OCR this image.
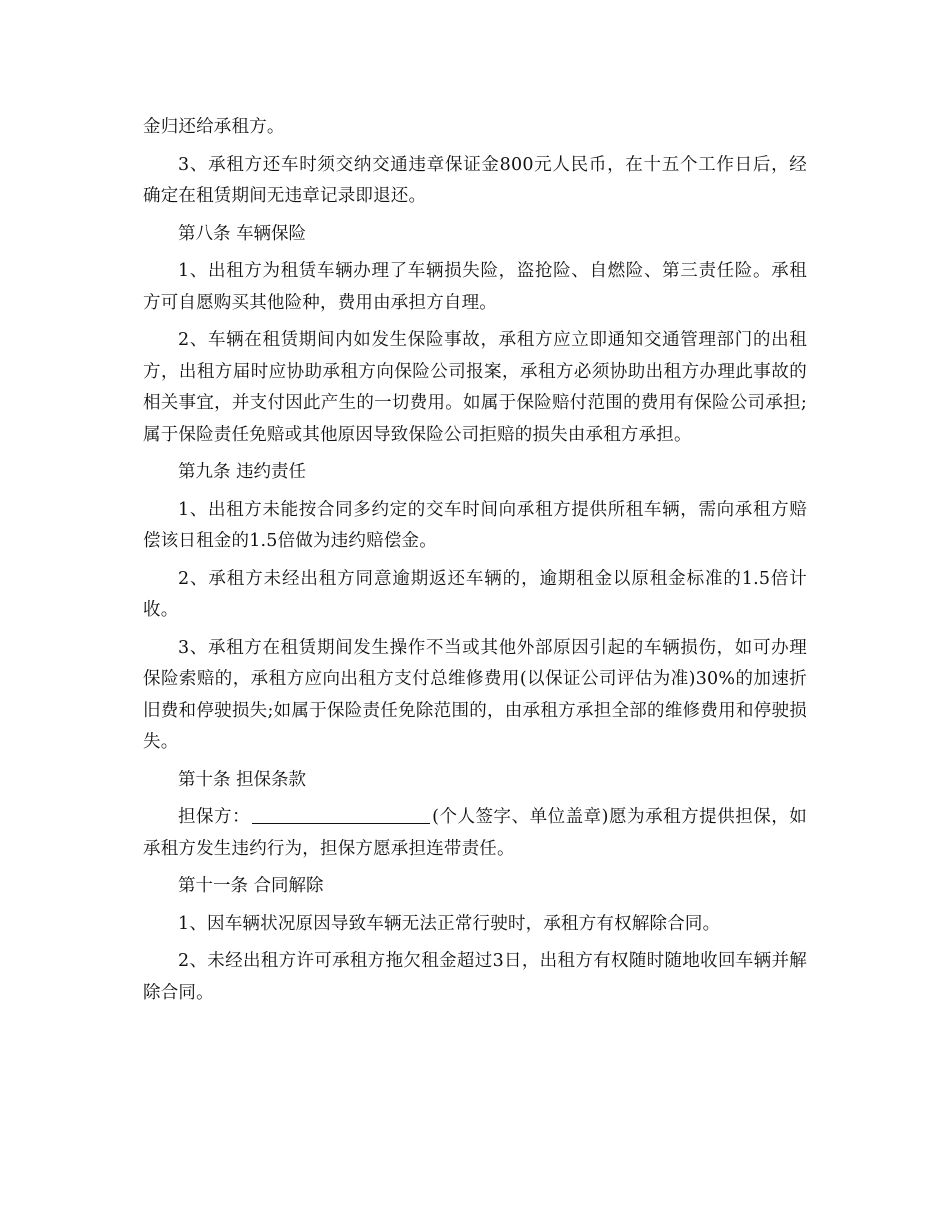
金归还给承租方。

3、承租方还车时须交纳交通违章保证金800元人民币，在十五个工作日后，经确定在租赁期间无违章记录即退还。

第八条 车辆保险

1、出租方为租赁车辆办理了车辆损失险，盗抢险、自燃险、第三责任险。承租方可自愿购买其他险种，费用由承担方自理。

2、车辆在租赁期间内如发生保险事故，承租方应立即通知交通管理部门的出租方，出租方届时应协助承租方向保险公司报案，承租方必须协助出租方办理此事故的相关事宜，并支付因此产生的一切费用。如属于保险赔付范围的费用有保险公司承担;属于保险责任免赔或其他原因导致保险公司拒赔的损失由承租方承担。

第九条 违约责任

1、出租方未能按合同多约定的交车时间向承租方提供所租车辆，需向承租方赔偿该日租金的1.5倍做为违约赔偿金。

2、承租方未经出租方同意逾期返还车辆的，逾期租金以原租金标准的1.5倍计收。

3、承租方在租赁期间发生操作不当或其他外部原因引起的车辆损伤，如可办理保险索赔的，承租方应向出租方支付总维修费用(以保证公司评估为准)30%的加速折旧费和停驶损失;如属于保险责任免除范围的，由承租方承担全部的维修费用和停驶损失。

第十条 担保条款

担保方：	(个人签字、单位盖章)愿为承租方提供担保，如承租方发生违约行为，担保方愿承担连带责任。

第十一条 合同解除

1、因车辆状况原因导致车辆无法正常行驶时，承租方有权解除合同。

2、未经出租方许可承租方拖欠租金超过3日，出租方有权随时随地收回车辆并解除合同。
